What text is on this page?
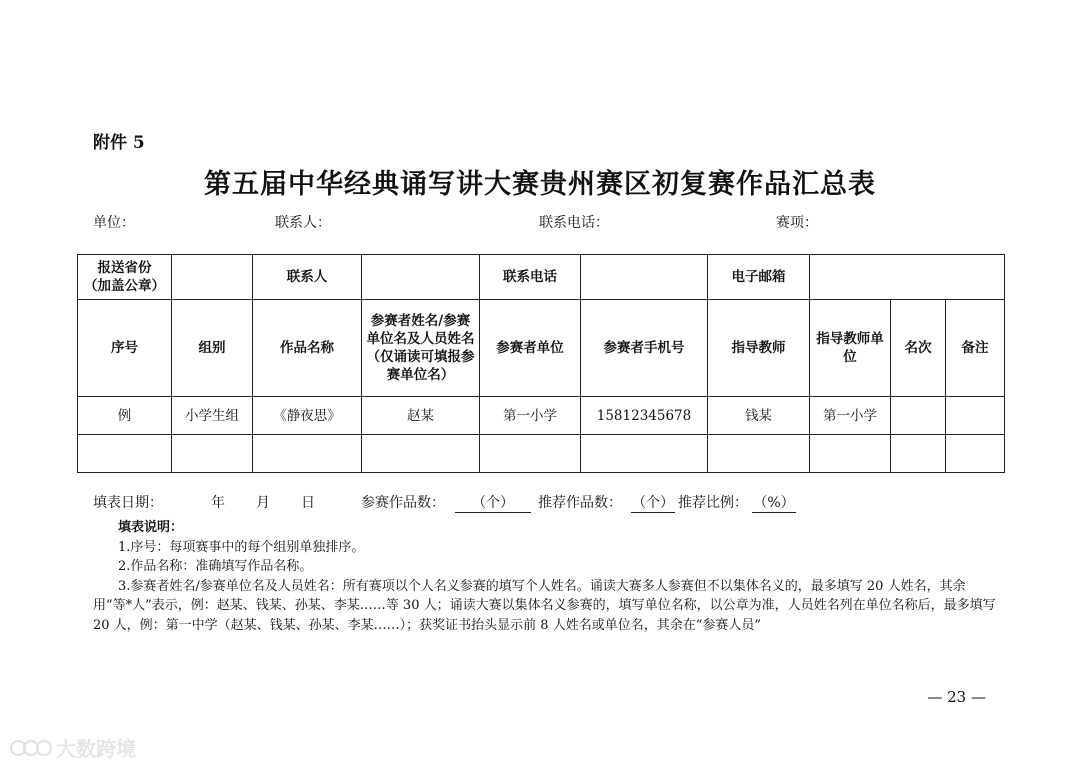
附件 5
第五届中华经典诵写讲大赛贵州赛区初复赛作品汇总表
单位：	联系人：	联系电话：	赛项：
报送省份
（加盖公章）		联系人		联系电话		电子邮箱			
序号	组别	作品名称	参赛者姓名/参赛单位名及人员姓名（仅诵读可填报参赛单位名）	参赛者单位	参赛者手机号	指导教师	指导教师单位	名次	备注
例	小学生组	《静夜思》	赵某	第一小学	15812345678	钱某	第一小学		

填表日期：	年 月 日	参赛作品数：	（个）	推荐作品数： （个） 推荐比例： （%）
填表说明：
1.序号：每项赛事中的每个组别单独排序。
2.作品名称：准确填写作品名称。
3.参赛者姓名/参赛单位名及人员姓名：所有赛项以个人名义参赛的填写个人姓名。诵读大赛多人参赛但不以集体名义的，最多填写 20 人姓名，其余用“等*人”表示，例：赵某、钱某、孙某、李某……等 30 人；诵读大赛以集体名义参赛的，填写单位名称，以公章为准，人员姓名列在单位名称后，最多填写 20 人，例：第一中学（赵某、钱某、孙某、李某……）；获奖证书抬头显示前 8 人姓名或单位名，其余在“参赛人员”
— 23 —
大数跨境
